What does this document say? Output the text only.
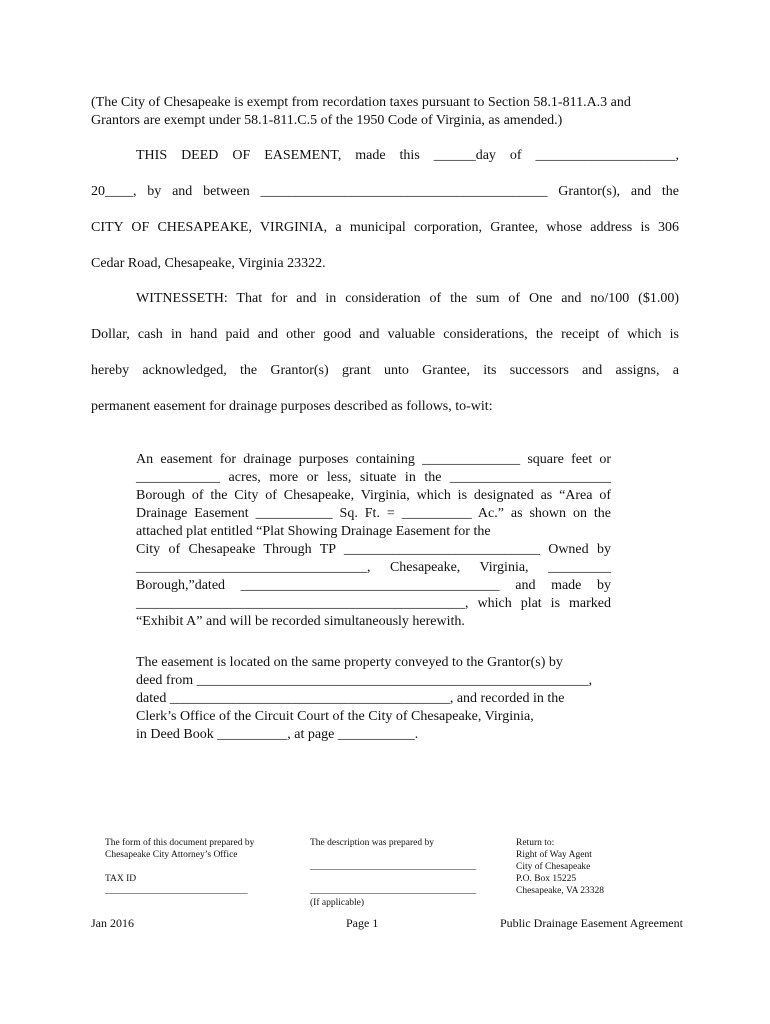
(The City of Chesapeake is exempt from recordation taxes pursuant to Section 58.1-811.A.3 and
Grantors are exempt under 58.1-811.C.5 of the 1950 Code of Virginia, as amended.)
THIS DEED OF EASEMENT, made this ______day of ____________________,
20____, by and between _________________________________________ Grantor(s), and the
CITY OF CHESAPEAKE, VIRGINIA, a municipal corporation, Grantee, whose address is 306
Cedar Road, Chesapeake, Virginia 23322.
WITNESSETH: That for and in consideration of the sum of One and no/100 ($1.00)
Dollar, cash in hand paid and other good and valuable considerations, the receipt of which is
hereby acknowledged, the Grantor(s) grant unto Grantee, its successors and assigns, a
permanent easement for drainage purposes described as follows, to-wit:
An easement for drainage purposes containing ______________ square feet or
____________ acres, more or less, situate in the _______________________
Borough of the City of Chesapeake, Virginia, which is designated as “Area of
Drainage Easement ___________ Sq. Ft. = __________ Ac.” as shown on the
attached plat entitled “Plat Showing Drainage Easement for the
City of Chesapeake Through TP ____________________________ Owned by
_________________________________, Chesapeake, Virginia, _________
Borough,”dated _____________________________________ and made by
_______________________________________________, which plat is marked
“Exhibit A” and will be recorded simultaneously herewith.
The easement is located on the same property conveyed to the Grantor(s) by
deed from ________________________________________________________,
dated ________________________________________, and recorded in the
Clerk’s Office of the Circuit Court of the City of Chesapeake, Virginia,
in Deed Book __________, at page ___________.
The form of this document prepared by
Chesapeake City Attorney’s Office
TAX ID
______________________________
The description was prepared by
___________________________________
___________________________________
(If applicable)
Return to:
Right of Way Agent
City of Chesapeake
P.O. Box 15225
Chesapeake, VA 23328
Jan 2016	Page 1	Public Drainage Easement Agreement
